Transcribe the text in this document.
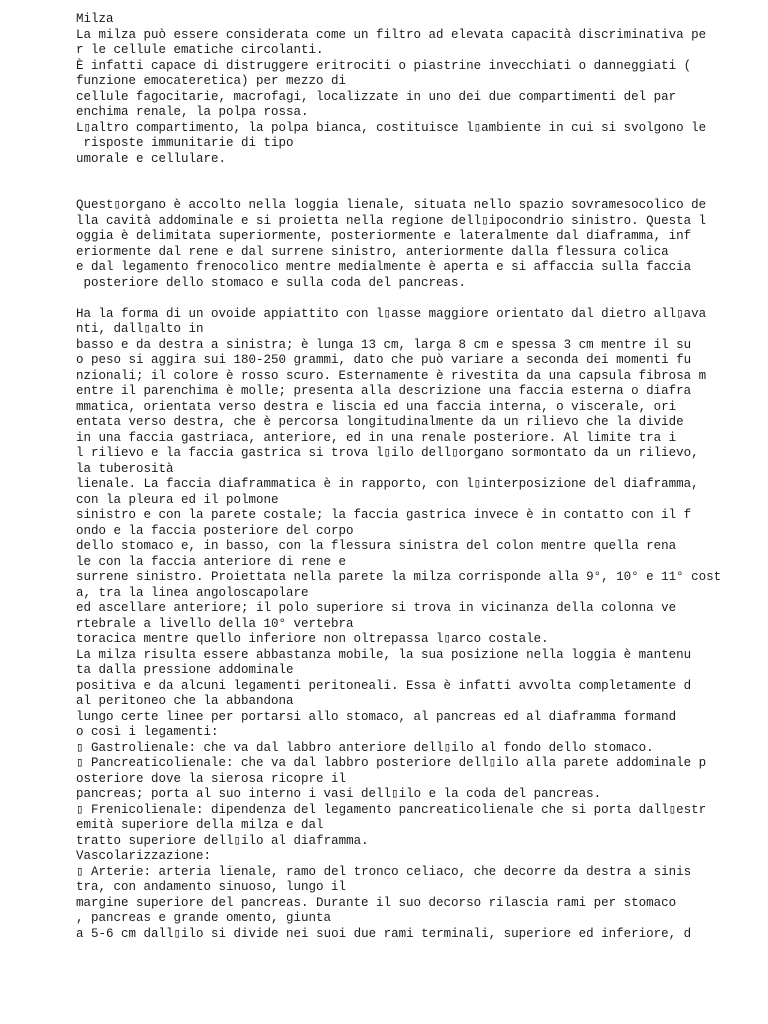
Milza
La milza può essere considerata come un filtro ad elevata capacità discriminativa pe
r le cellule ematiche circolanti.
È infatti capace di distruggere eritrociti o piastrine invecchiati o danneggiati (
funzione emocateretica) per mezzo di
cellule fagocitarie, macrofagi, localizzate in uno dei due compartimenti del par
enchima renale, la polpa rossa.
L▯altro compartimento, la polpa bianca, costituisce l▯ambiente in cui si svolgono le
risposte immunitarie di tipo
umorale e cellulare.
Quest▯organo è accolto nella loggia lienale, situata nello spazio sovramesocolico de
lla cavità addominale e si proietta nella regione dell▯ipocondrio sinistro. Questa l
oggia è delimitata superiormente, posteriormente e lateralmente dal diaframma, inf
eriormente dal rene e dal surrene sinistro, anteriormente dalla flessura colica
e dal legamento frenocolico mentre medialmente è aperta e si affaccia sulla faccia
posteriore dello stomaco e sulla coda del pancreas.
Ha la forma di un ovoide appiattito con l▯asse maggiore orientato dal dietro all▯ava
nti, dall▯alto in
basso e da destra a sinistra; è lunga 13 cm, larga 8 cm e spessa 3 cm mentre il su
o peso si aggira sui 180-250 grammi, dato che può variare a seconda dei momenti fu
nzionali; il colore è rosso scuro. Esternamente è rivestita da una capsula fibrosa m
entre il parenchima è molle; presenta alla descrizione una faccia esterna o diafra
mmatica, orientata verso destra e liscia ed una faccia interna, o viscerale, ori
entata verso destra, che è percorsa longitudinalmente da un rilievo che la divide
in una faccia gastriaca, anteriore, ed in una renale posteriore. Al limite tra i
l rilievo e la faccia gastrica si trova l▯ilo dell▯organo sormontato da un rilievo,
la tuberosità
lienale. La faccia diaframmatica è in rapporto, con l▯interposizione del diaframma,
con la pleura ed il polmone
sinistro e con la parete costale; la faccia gastrica invece è in contatto con il f
ondo e la faccia posteriore del corpo
dello stomaco e, in basso, con la flessura sinistra del colon mentre quella rena
le con la faccia anteriore di rene e
surrene sinistro. Proiettata nella parete la milza corrisponde alla 9°, 10° e 11° cost
a, tra la linea angoloscapolare
ed ascellare anteriore; il polo superiore si trova in vicinanza della colonna ve
rtebrale a livello della 10° vertebra
toracica mentre quello inferiore non oltrepassa l▯arco costale.
La milza risulta essere abbastanza mobile, la sua posizione nella loggia è mantenu
ta dalla pressione addominale
positiva e da alcuni legamenti peritoneali. Essa è infatti avvolta completamente d
al peritoneo che la abbandona
lungo certe linee per portarsi allo stomaco, al pancreas ed al diaframma formand
o così i legamenti:
▯ Gastrolienale: che va dal labbro anteriore dell▯ilo al fondo dello stomaco.
▯ Pancreaticolienale: che va dal labbro posteriore dell▯ilo alla parete addominale p
osteriore dove la sierosa ricopre il
pancreas; porta al suo interno i vasi dell▯ilo e la coda del pancreas.
▯ Frenicolienale: dipendenza del legamento pancreaticolienale che si porta dall▯estr
emità superiore della milza e dal
tratto superiore dell▯ilo al diaframma.
Vascolarizzazione:
▯ Arterie: arteria lienale, ramo del tronco celiaco, che decorre da destra a sinis
tra, con andamento sinuoso, lungo il
margine superiore del pancreas. Durante il suo decorso rilascia rami per stomaco
, pancreas e grande omento, giunta
a 5-6 cm dall▯ilo si divide nei suoi due rami terminali, superiore ed inferiore, d
